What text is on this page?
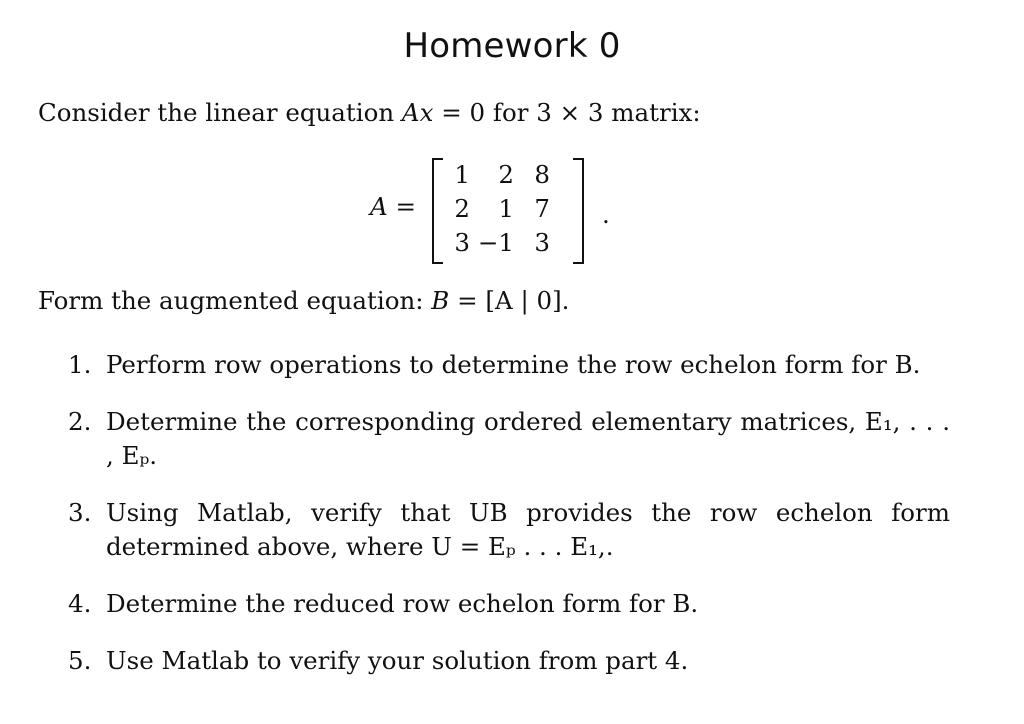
Homework 0
Consider the linear equation Ax = 0 for 3 × 3 matrix:
A =
1	2 8
2	1 7
3 −1 3
.
Form the augmented equation: B = [A | 0].
1. Perform row operations to determine the row echelon form for B.
2. Determine the corresponding ordered elementary matrices, E₁, . . . , Eₚ.
3. Using Matlab, verify that UB provides the row echelon form determined above, where U = Eₚ . . . E₁,.
4. Determine the reduced row echelon form for B.
5. Use Matlab to verify your solution from part 4.
